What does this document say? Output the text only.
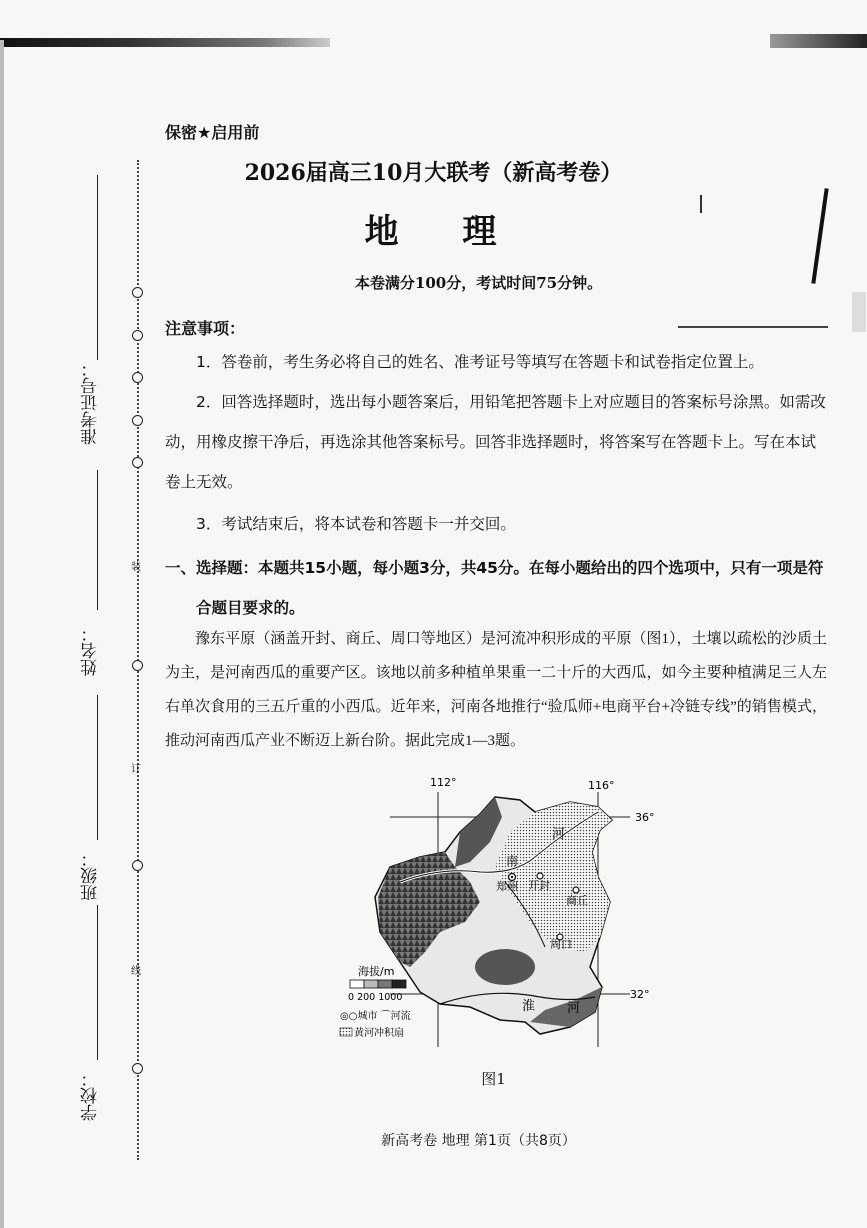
装
订
线
准考证号：
姓名：
班级：
学校：
保密★启用前
2026届高三10月大联考（新高考卷）
地 理
本卷满分100分，考试时间75分钟。
注意事项：
1．答卷前，考生务必将自己的姓名、准考证号等填写在答题卡和试卷指定位置上。
2．回答选择题时，选出每小题答案后，用铅笔把答题卡上对应题目的答案标号涂黑。如需改动，用橡皮擦干净后，再选涂其他答案标号。回答非选择题时，将答案写在答题卡上。写在本试卷上无效。
3．考试结束后，将本试卷和答题卡一并交回。
一、选择题：本题共15小题，每小题3分，共45分。在每小题给出的四个选项中，只有一项是符合题目要求的。
豫东平原（涵盖开封、商丘、周口等地区）是河流冲积形成的平原（图1），土壤以疏松的沙质土为主，是河南西瓜的重要产区。该地以前多种植单果重一二十斤的大西瓜，如今主要种植满足三人左右单次食用的三五斤重的小西瓜。近年来，河南各地推行“验瓜师+电商平台+冷链专线”的销售模式，推动河南西瓜产业不断迈上新台阶。据此完成1—3题。
112°	116°
36°
32°
河
南
郑州 开封
商丘
周口
淮 河
海拔/m
0 200 1000
◎○城市 ⌒河流
黄河冲积扇
图1
新高考卷 地理 第1页（共8页）
